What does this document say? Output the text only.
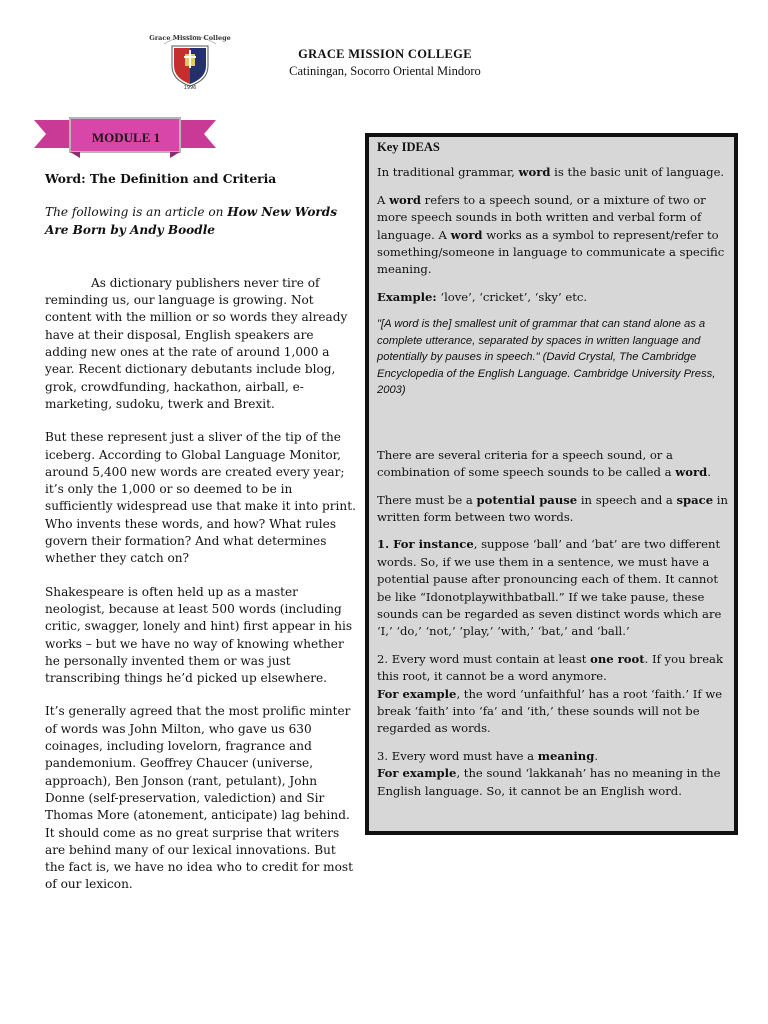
Grace Mission College
1996
GRACE MISSION COLLEGE
Catiningan, Socorro Oriental Mindoro
MODULE 1
Word: The Definition and Criteria
The following is an article on How New Words Are Born by Andy Boodle

As dictionary publishers never tire of reminding us, our language is growing. Not content with the million or so words they already have at their disposal, English speakers are adding new ones at the rate of around 1,000 a year. Recent dictionary debutants include blog, grok, crowdfunding, hackathon, airball, e-marketing, sudoku, twerk and Brexit.

But these represent just a sliver of the tip of the iceberg. According to Global Language Monitor, around 5,400 new words are created every year; it’s only the 1,000 or so deemed to be in sufficiently widespread use that make it into print. Who invents these words, and how? What rules govern their formation? And what determines whether they catch on?

Shakespeare is often held up as a master neologist, because at least 500 words (including critic, swagger, lonely and hint) first appear in his works – but we have no way of knowing whether he personally invented them or was just transcribing things he’d picked up elsewhere.

It’s generally agreed that the most prolific minter of words was John Milton, who gave us 630 coinages, including lovelorn, fragrance and pandemonium. Geoffrey Chaucer (universe, approach), Ben Jonson (rant, petulant), John Donne (self-preservation, valediction) and Sir Thomas More (atonement, anticipate) lag behind. It should come as no great surprise that writers are behind many of our lexical innovations. But the fact is, we have no idea who to credit for most of our lexicon.

Key IDEAS

In traditional grammar, word is the basic unit of language.

A word refers to a speech sound, or a mixture of two or more speech sounds in both written and verbal form of language. A word works as a symbol to represent/refer to something/someone in language to communicate a specific meaning.

Example: ‘love’, ‘cricket’, ‘sky’ etc.

"[A word is the] smallest unit of grammar that can stand alone as a complete utterance, separated by spaces in written language and potentially by pauses in speech." (David Crystal, The Cambridge Encyclopedia of the English Language. Cambridge University Press, 2003)

There are several criteria for a speech sound, or a combination of some speech sounds to be called a word.

There must be a potential pause in speech and a space in written form between two words.

1. For instance, suppose ‘ball’ and ‘bat’ are two different words. So, if we use them in a sentence, we must have a potential pause after pronouncing each of them. It cannot be like “Idonotplaywithbatball.” If we take pause, these sounds can be regarded as seven distinct words which are ‘I,’ ‘do,’ ‘not,’ ‘play,’ ‘with,’ ‘bat,’ and ‘ball.’

2. Every word must contain at least one root. If you break this root, it cannot be a word anymore.
For example, the word ‘unfaithful’ has a root ‘faith.’ If we break ‘faith’ into ‘fa’ and ‘ith,’ these sounds will not be regarded as words.

3. Every word must have a meaning.
For example, the sound ‘lakkanah’ has no meaning in the English language. So, it cannot be an English word.
